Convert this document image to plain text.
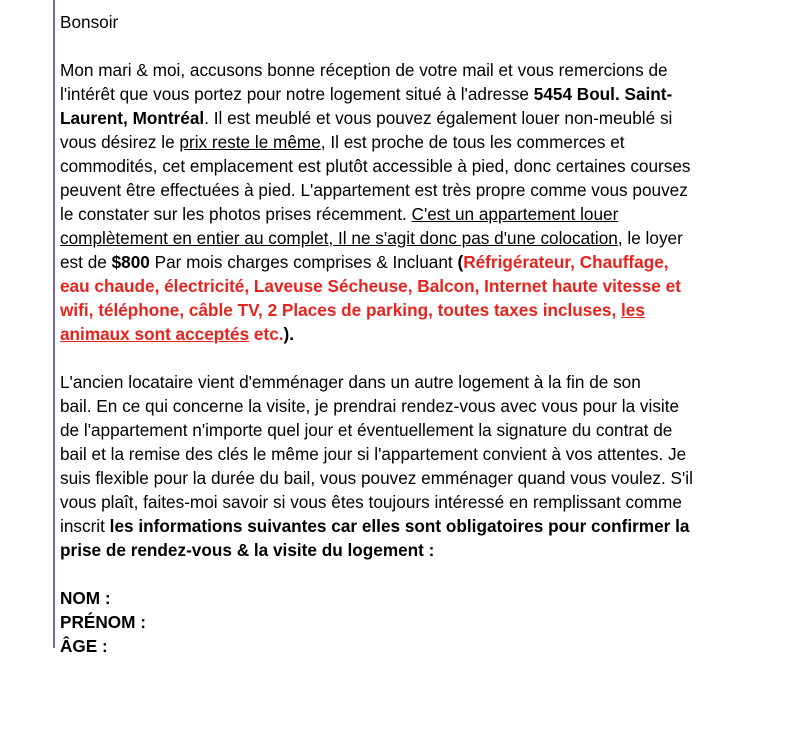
Bonsoir
Mon mari & moi, accusons bonne réception de votre mail et vous remercions de
l'intérêt que vous portez pour notre logement situé à l'adresse 5454 Boul. Saint-
Laurent, Montréal. Il est meublé et vous pouvez également louer non-meublé si
vous désirez le prix reste le même, Il est proche de tous les commerces et
commodités, cet emplacement est plutôt accessible à pied, donc certaines courses
peuvent être effectuées à pied. L'appartement est très propre comme vous pouvez
le constater sur les photos prises récemment. C'est un appartement louer
complètement en entier au complet, Il ne s'agit donc pas d'une colocation, le loyer
est de $800 Par mois charges comprises & Incluant (Réfrigérateur, Chauffage,
eau chaude, électricité, Laveuse Sécheuse, Balcon, Internet haute vitesse et
wifi, téléphone, câble TV, 2 Places de parking, toutes taxes incluses, les
animaux sont acceptés etc.).
L'ancien locataire vient d'emménager dans un autre logement à la fin de son
bail. En ce qui concerne la visite, je prendrai rendez-vous avec vous pour la visite
de l'appartement n'importe quel jour et éventuellement la signature du contrat de
bail et la remise des clés le même jour si l'appartement convient à vos attentes. Je
suis flexible pour la durée du bail, vous pouvez emménager quand vous voulez. S'il
vous plaît, faites-moi savoir si vous êtes toujours intéressé en remplissant comme
inscrit les informations suivantes car elles sont obligatoires pour confirmer la
prise de rendez-vous & la visite du logement :
NOM :
PRÉNOM :
ÂGE :
